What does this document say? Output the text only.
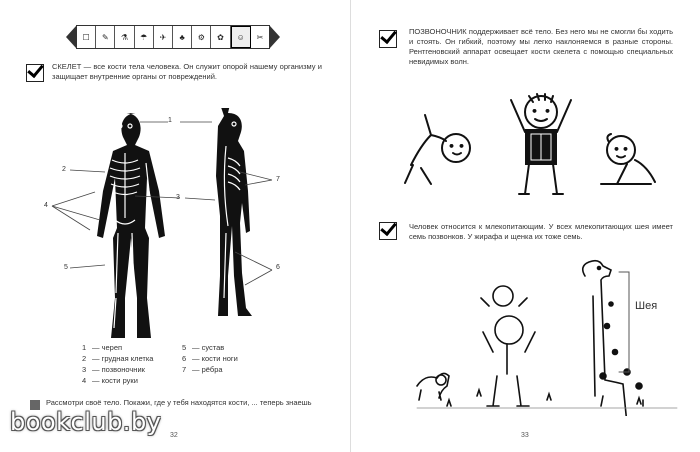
☐	✎	⚗	☂	✈	♣	⚙	✿	☺	✂
СКЕЛЕТ — все кости тела человека. Он служит опорой нашему организму и защищает внутренние органы от повреждений.
1
2
3
4
5	6
7
1 — череп	5 — сустав
2 — грудная клетка	6 — кости ноги
3 — позвоночник	7 — рёбра
4 — кости руки
Рассмотри своё тело. Покажи, где у тебя находятся кости, ... теперь знаешь
32
ПОЗВОНОЧНИК поддерживает всё тело. Без него мы не смогли бы ходить и стоять. Он гибкий, поэтому мы легко наклоняемся в разные стороны. Рентгеновский аппарат освещает кости скелета с помощью специальных невидимых волн.
Человек относится к млекопитающим. У всех млекопитающих шея имеет семь позвонков. У жирафа и щенка их тоже семь.
Шея
33
bookclub.by
